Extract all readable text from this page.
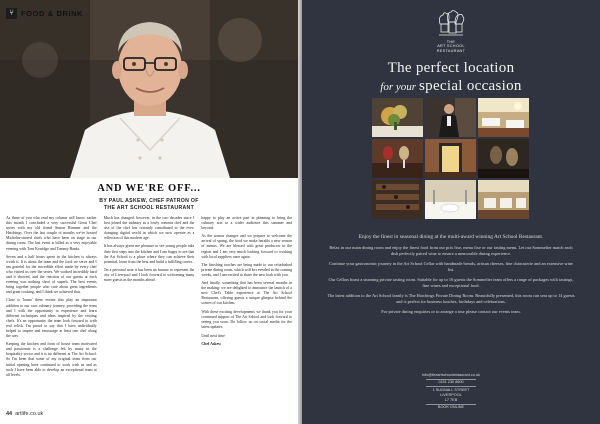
⑂ FOOD & DRINK
AND WE'RE OFF...
BY PAUL ASKEW, CHEF PATRON OF
THE ART SCHOOL RESTAURANT

As those of you who read my column will know, earlier this month I concluded a very successful Great Chef series with my old friend Simon Rimmer and the Hatchings. Over the last couple of months we've hosted Michelin-starred chefs who have been on stage in our dining room. The last event is billed as a very enjoyable evening with Tom Kerridge and Tommy Banks.

Seven and a half hours spent in the kitchen is always worth it. It is about the team and the food we serve and I am grateful for the incredible effort made by every chef who visited us over the series. We worked incredibly hard and it showed, and the reaction of our guests at each evening was nothing short of superb. The best events bring together people who care about great ingredients and great cooking, and I think we achieved that.

Close to 'home' these events also play an important addition to our own culinary journey, providing the team and I with the opportunity to experience and learn different techniques and ideas inspired by the visiting chefs. It's an opportunity the team look forward to with real relish. I'm proud to say that I have individually helped to inspire and encourage at least one chef along the way.

Keeping the kitchen and front of house team motivated and passionate is a challenge felt by many in the hospitality sector and it is no different at The Art School. So I'm keen that some of my original team from our initial opening have continued to work with us and as such I have been able to develop an exceptional team at all levels.

Much has changed, however, in the two decades since I first joined the industry as a lowly commis chef and the rise of the chef has certainly contributed to the ever-changing digital world in which we now operate as a reflection of this modern age.

It has always given me pleasure to see young people take their first steps into the kitchen and I am happy to see that the Art School is a place where they can achieve their potential, learn from the best and build a fulfilling career.

On a personal note it has been an honour to represent the city of Liverpool and I look forward to welcoming many more guests in the months ahead.

happy to play an active part in planning to bring the culinary arts to a wider audience this summer and beyond.

As the season changes and we prepare to welcome the arrival of spring, the food we make heralds a new season of menus. We are blessed with great producers in the region and I am very much looking forward to working with local suppliers once again.

The finishing touches are being made to our refurbished private dining room, which will be revealed in the coming weeks, and I am excited to share the new look with you.

And finally, something that has been several months in the making: we are delighted to announce the launch of a new Chef's Table experience at The Art School Restaurant, offering guests a unique glimpse behind the scenes of our kitchen.

With these exciting developments we thank you for your continued support of The Art School and look forward to seeing you soon. Do follow us on social media for the latest updates.

Until next time

Chef Askew

44 artlife.co.uk
THE
ART SCHOOL
RESTAURANT
The perfect location
for your special occasion

Enjoy the finest in seasonal dining at the multi-award winning Art School Restaurant.

Relax in our main dining room and enjoy the finest food from our prix fixe, menu fixe or our tasting menu. Let our Sommelier match each dish perfectly paired wine to ensure a memorable dining experience.

Continue your gastronomic journey in the Art School Cellar with handmade breads, artisan cheeses, fine charcuterie and an extensive wine list.

Our Cellars boast a stunning private tasting room. Suitable for up to 16 guests the Sommelier team offers a range of packages with tastings, fine wines and exceptional food.

The latest addition to the Art School family is The Hatchings Private Dining Room. Beautifully presented, this room can seat up to 14 guests and is perfect for business lunches, birthdays and celebrations.

For private dining enquiries or to arrange a tour please contact our events team.

info@theartschoolrestaurant.co.uk
0151 230 8600
1 SUGNALL STREET
LIVERPOOL
L7 7EB
BOOK ONLINE
